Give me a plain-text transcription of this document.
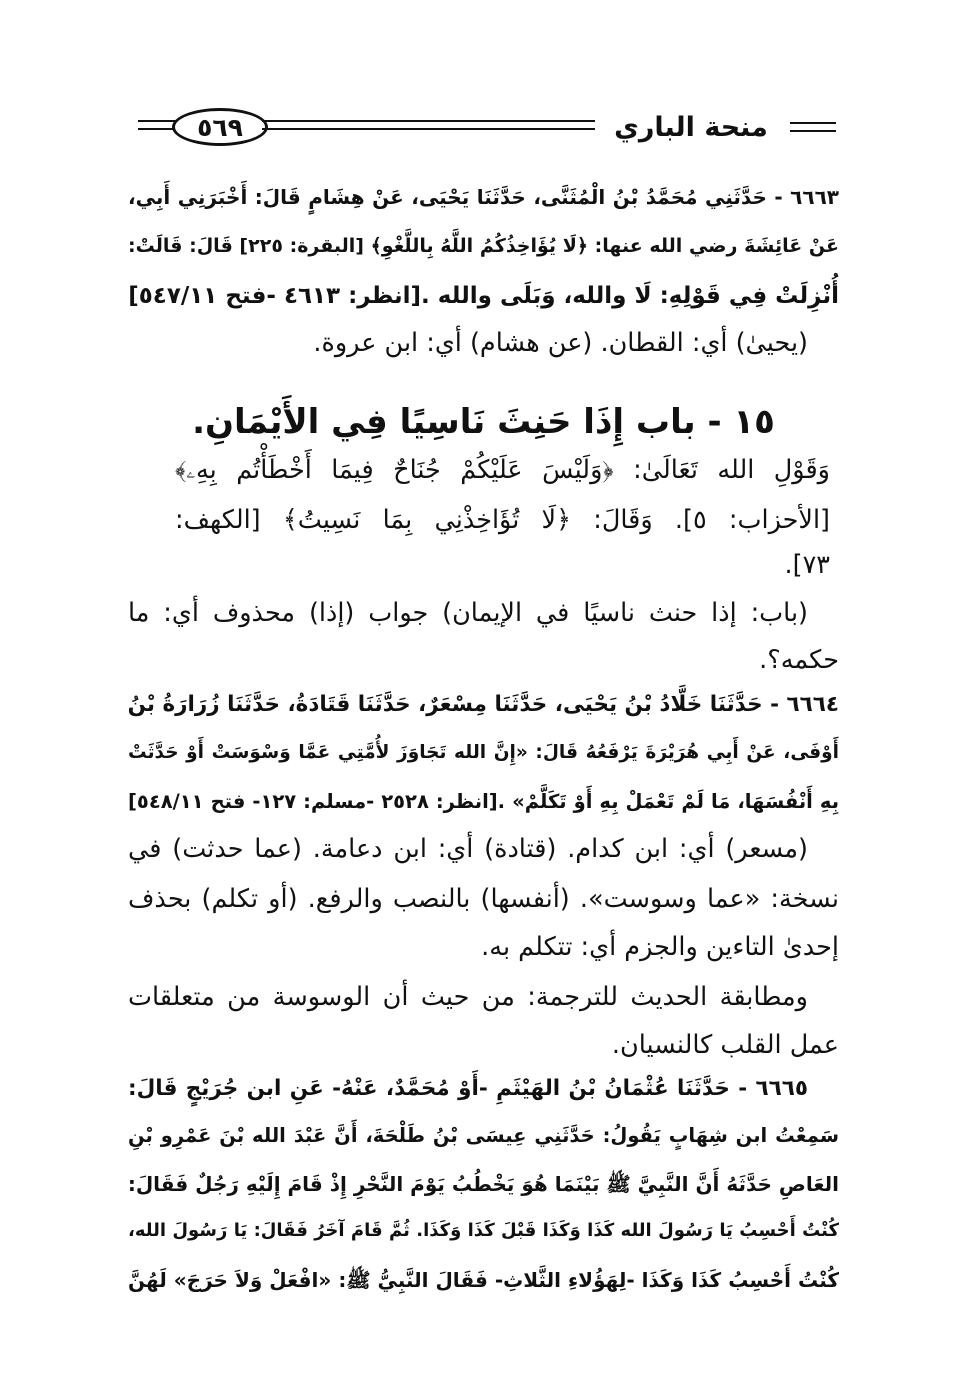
٥٦٩	منحة الباري
٦٦٦٣ - حَدَّثَنِي مُحَمَّدُ بْنُ الْمُثَنَّى، حَدَّثَنَا يَحْيَى، عَنْ هِشَامٍ قَالَ: أَخْبَرَنِي أَبِي،
عَنْ عَائِشَةَ رضي الله عنها: ﴿لَا يُؤَاخِذُكُمُ اللَّهُ بِاللَّغْوِ﴾ [البقرة: ٢٢٥] قَالَ: قَالَتْ:
أُنْزِلَتْ فِي قَوْلِهِ: لَا والله، وَبَلَى والله .[انظر: ٤٦١٣ -فتح ٥٤٧/١١]
(يحيىٰ) أي: القطان. (عن هشام) أي: ابن عروة.
١٥ - باب إِذَا حَنِثَ نَاسِيًا فِي الأَيْمَانِ.
وَقَوْلِ الله تَعَالَىٰ: ﴿وَلَيْسَ عَلَيْكُمْ جُنَاحٌ فِيمَا أَخْطَأْتُم بِهِۦ﴾
[الأحزاب: ٥]. وَقَالَ: ﴿لَا تُؤَاخِذْنِي بِمَا نَسِيتُ﴾ [الكهف:
٧٣].
(باب: إذا حنث ناسيًا في الإيمان) جواب (إذا) محذوف أي: ما
حكمه؟.
٦٦٦٤ - حَدَّثَنَا خَلَّادُ بْنُ يَحْيَى، حَدَّثَنَا مِسْعَرٌ، حَدَّثَنَا قَتَادَةُ، حَدَّثَنَا زُرَارَةُ بْنُ
أَوْفَى، عَنْ أَبِي هُرَيْرَةَ يَرْفَعُهُ قَالَ: «إِنَّ الله تَجَاوَزَ لأُمَّتِي عَمَّا وَسْوَسَتْ أَوْ حَدَّثَتْ
بِهِ أَنْفُسَهَا، مَا لَمْ تَعْمَلْ بِهِ أَوْ تَكَلَّمْ» .[انظر: ٢٥٢٨ -مسلم: ١٢٧- فتح ٥٤٨/١١]
(مسعر) أي: ابن كدام. (قتادة) أي: ابن دعامة. (عما حدثت) في
نسخة: «عما وسوست». (أنفسها) بالنصب والرفع. (أو تكلم) بحذف
إحدىٰ التاءين والجزم أي: تتكلم به.
ومطابقة الحديث للترجمة: من حيث أن الوسوسة من متعلقات
عمل القلب كالنسيان.
٦٦٦٥ - حَدَّثَنَا عُثْمَانُ بْنُ الهَيْثَمِ -أَوْ مُحَمَّدٌ، عَنْهُ- عَنِ ابن جُرَيْجٍ قَالَ:
سَمِعْتُ ابن شِهَابٍ يَقُولُ: حَدَّثَنِي عِيسَى بْنُ طَلْحَةَ، أَنَّ عَبْدَ الله بْنَ عَمْرِو بْنِ
العَاصِ حَدَّثَهُ أَنَّ النَّبِيَّ ﷺ بَيْنَمَا هُوَ يَخْطُبُ يَوْمَ النَّحْرِ إِذْ قَامَ إِلَيْهِ رَجُلٌ فَقَالَ:
كُنْتُ أَحْسِبُ يَا رَسُولَ الله كَذَا وَكَذَا قَبْلَ كَذَا وَكَذَا. ثُمَّ قَامَ آخَرُ فَقَالَ: يَا رَسُولَ الله،
كُنْتُ أَحْسِبُ كَذَا وَكَذَا -لِهَؤُلاءِ الثَّلاثِ- فَقَالَ النَّبِيُّ ﷺ: «افْعَلْ وَلاَ حَرَجَ» لَهُنَّ
